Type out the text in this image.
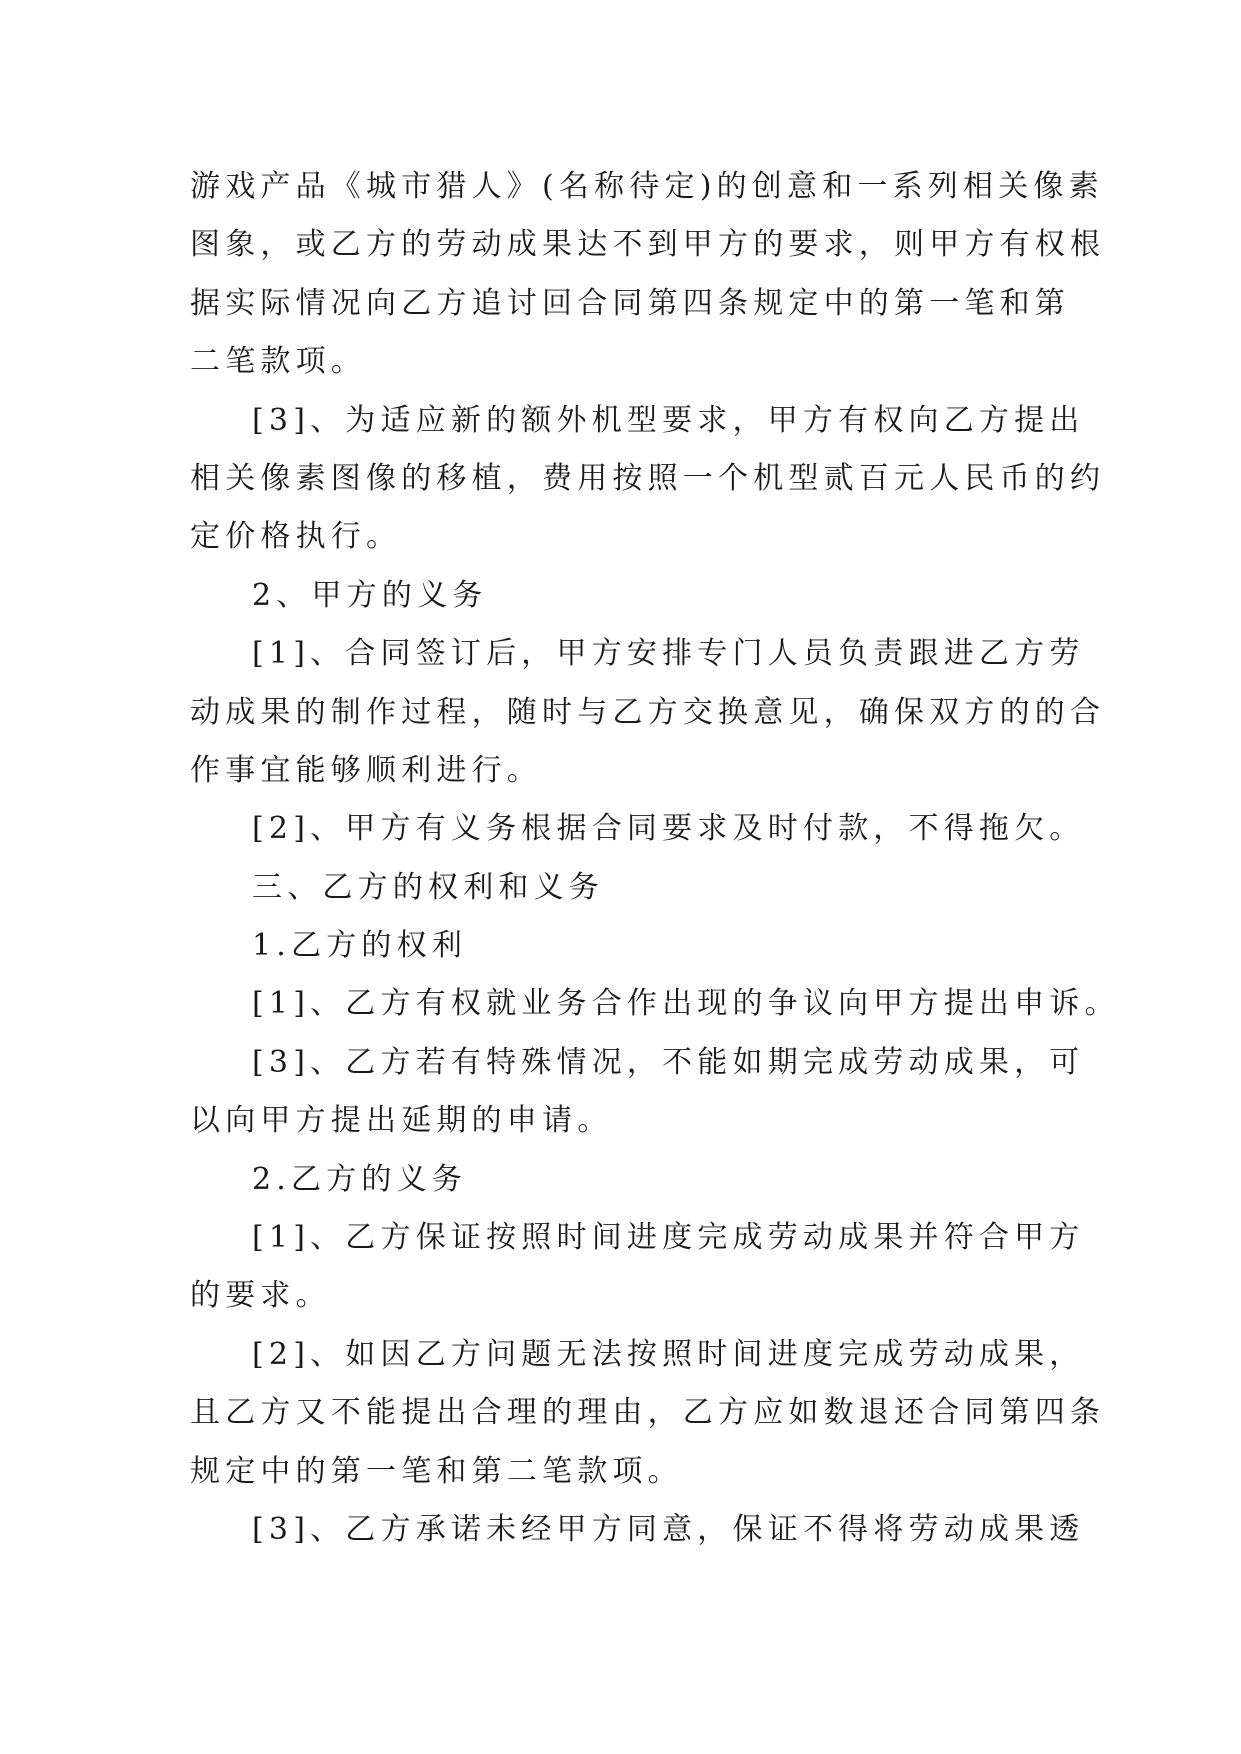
游戏产品《城市猎人》(名称待定)的创意和一系列相关像素
图象，或乙方的劳动成果达不到甲方的要求，则甲方有权根
据实际情况向乙方追讨回合同第四条规定中的第一笔和第
二笔款项。
[3]、为适应新的额外机型要求，甲方有权向乙方提出
相关像素图像的移植，费用按照一个机型贰百元人民币的约
定价格执行。
2、甲方的义务
[1]、合同签订后，甲方安排专门人员负责跟进乙方劳
动成果的制作过程，随时与乙方交换意见，确保双方的的合
作事宜能够顺利进行。
[2]、甲方有义务根据合同要求及时付款，不得拖欠。
三、乙方的权利和义务
1.乙方的权利
[1]、乙方有权就业务合作出现的争议向甲方提出申诉。
[3]、乙方若有特殊情况，不能如期完成劳动成果，可
以向甲方提出延期的申请。
2.乙方的义务
[1]、乙方保证按照时间进度完成劳动成果并符合甲方
的要求。
[2]、如因乙方问题无法按照时间进度完成劳动成果，
且乙方又不能提出合理的理由，乙方应如数退还合同第四条
规定中的第一笔和第二笔款项。
[3]、乙方承诺未经甲方同意，保证不得将劳动成果透
